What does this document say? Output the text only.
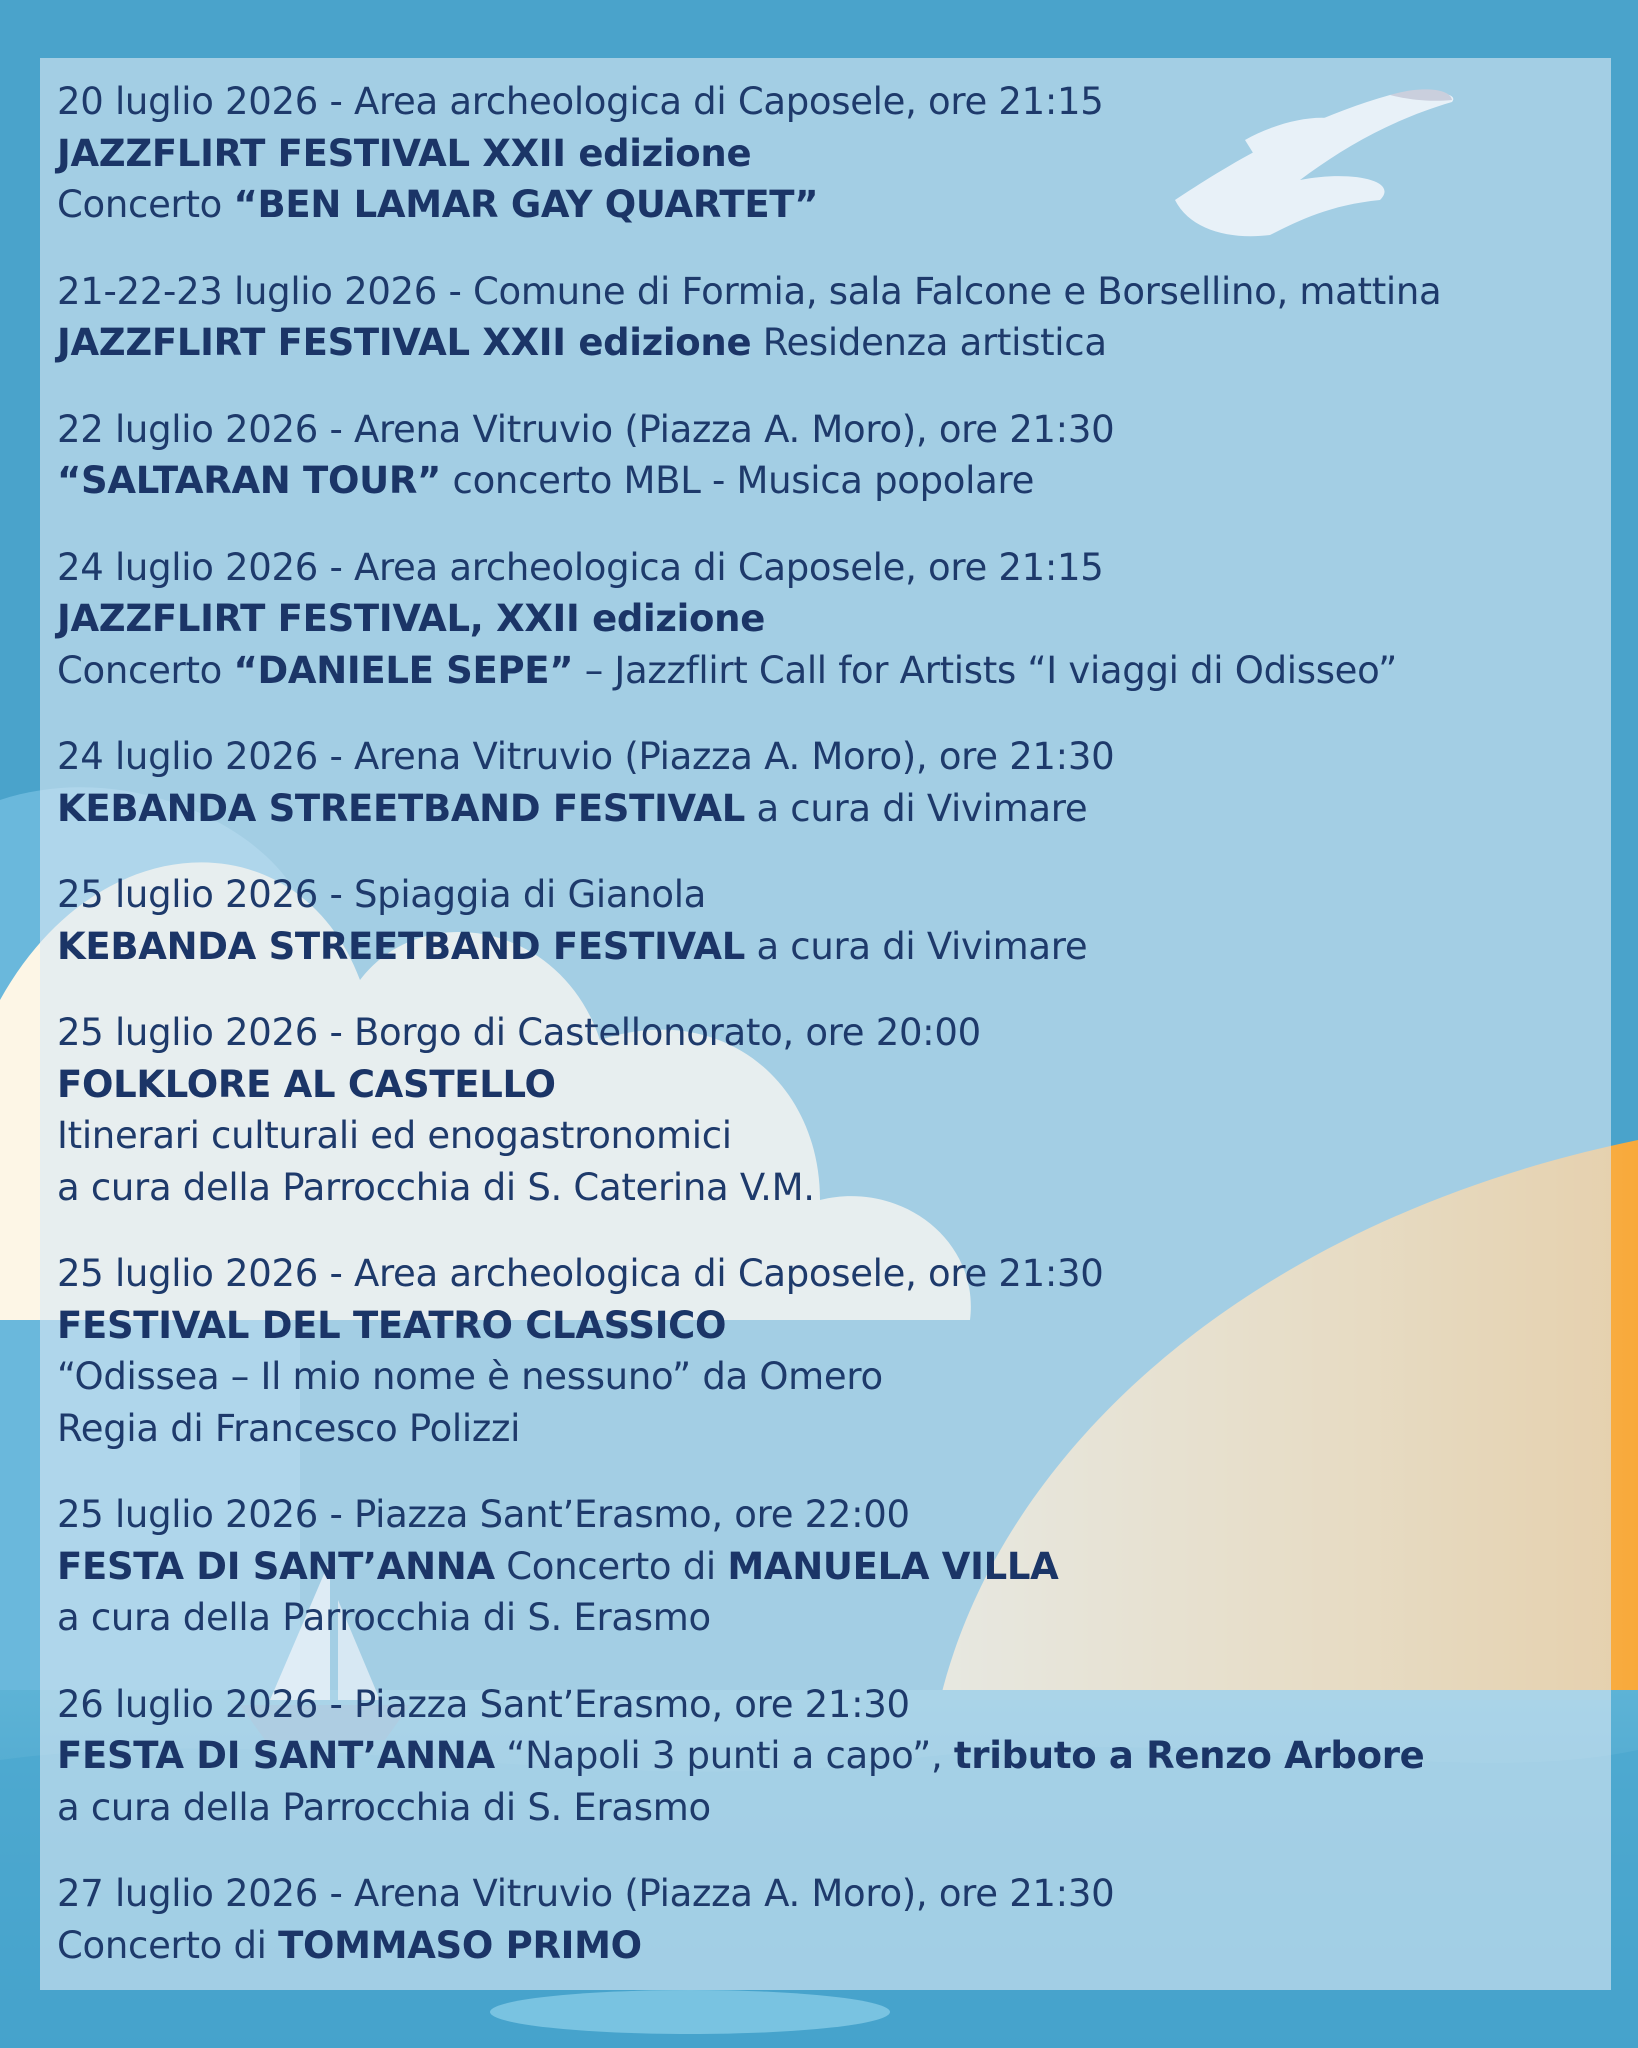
20 luglio 2026 - Area archeologica di Caposele, ore 21:15
JAZZFLIRT FESTIVAL XXII edizione
Concerto “BEN LAMAR GAY QUARTET”
21-22-23 luglio 2026 - Comune di Formia, sala Falcone e Borsellino, mattina
JAZZFLIRT FESTIVAL XXII edizione Residenza artistica
22 luglio 2026 - Arena Vitruvio (Piazza A. Moro), ore 21:30
“SALTARAN TOUR” concerto MBL - Musica popolare
24 luglio 2026 - Area archeologica di Caposele, ore 21:15
JAZZFLIRT FESTIVAL, XXII edizione
Concerto “DANIELE SEPE” – Jazzflirt Call for Artists “I viaggi di Odisseo”
24 luglio 2026 - Arena Vitruvio (Piazza A. Moro), ore 21:30
KEBANDA STREETBAND FESTIVAL a cura di Vivimare
25 luglio 2026 - Spiaggia di Gianola
KEBANDA STREETBAND FESTIVAL a cura di Vivimare
25 luglio 2026 - Borgo di Castellonorato, ore 20:00
FOLKLORE AL CASTELLO
Itinerari culturali ed enogastronomici
a cura della Parrocchia di S. Caterina V.M.
25 luglio 2026 - Area archeologica di Caposele, ore 21:30
FESTIVAL DEL TEATRO CLASSICO
“Odissea – Il mio nome è nessuno” da Omero
Regia di Francesco Polizzi
25 luglio 2026 - Piazza Sant’Erasmo, ore 22:00
FESTA DI SANT’ANNA Concerto di MANUELA VILLA
a cura della Parrocchia di S. Erasmo
26 luglio 2026 - Piazza Sant’Erasmo, ore 21:30
FESTA DI SANT’ANNA “Napoli 3 punti a capo”, tributo a Renzo Arbore
a cura della Parrocchia di S. Erasmo
27 luglio 2026 - Arena Vitruvio (Piazza A. Moro), ore 21:30
Concerto di TOMMASO PRIMO
